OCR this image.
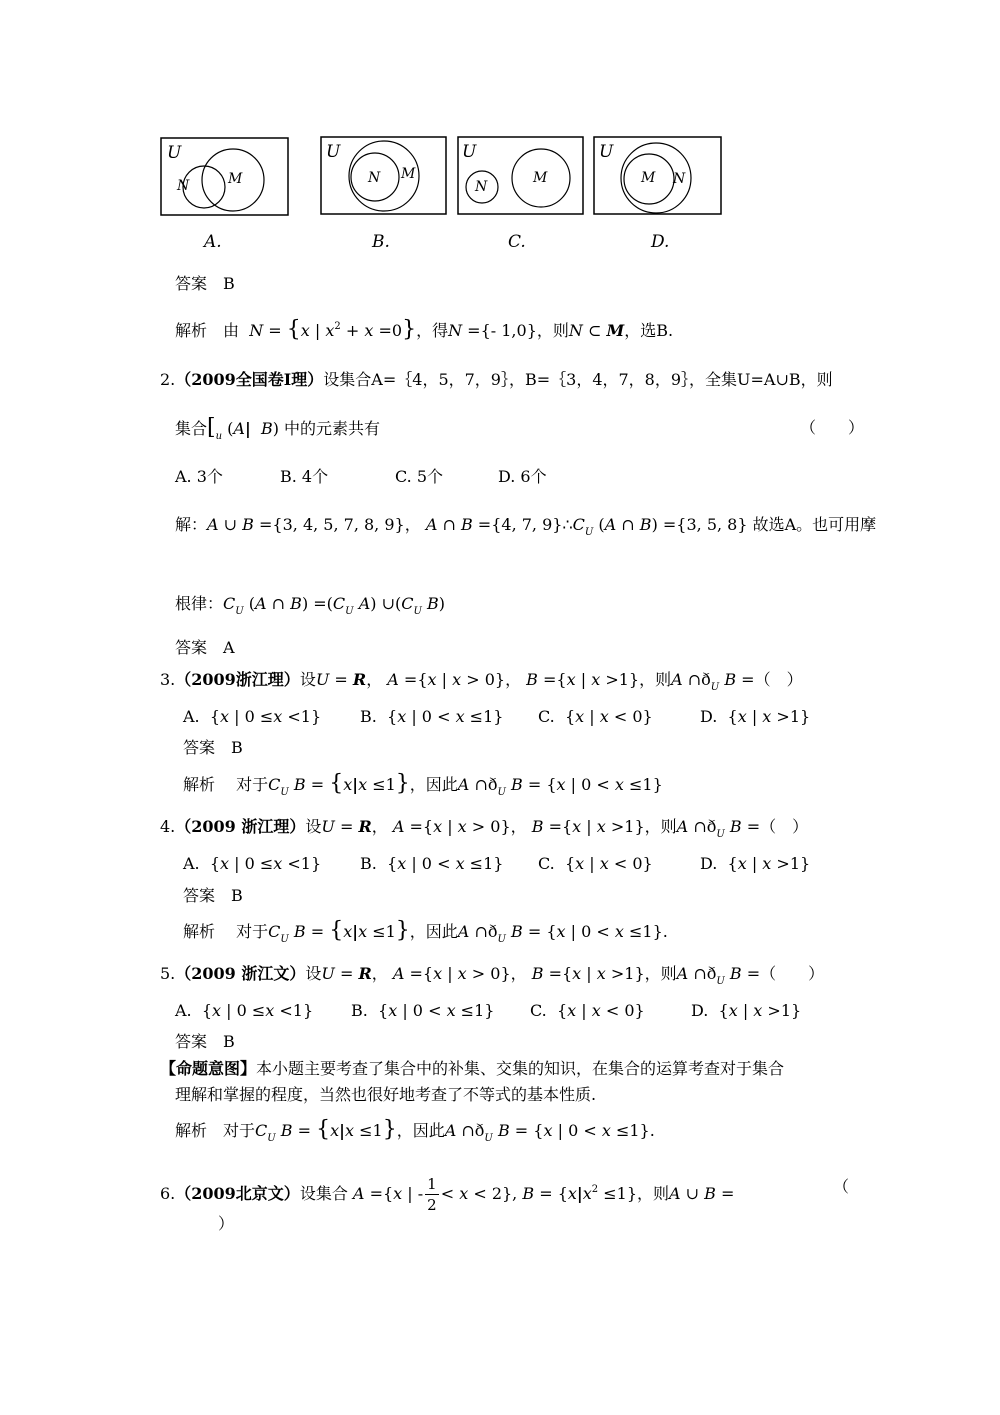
U
N	M
U
N M
U
N
M
U
M N
A.	B.	C.	D.
答案　B
解析　由  N = {x | $x^2 + x =0$}，得N ={- 1,0}，则N ⊂ M，选B.
2.（2009全国卷Ⅰ理）设集合A=｛4，5，7，9｝，B=｛3，4，7，8，9｝，全集U=A∪B，则
集合[$_u$ (A| B) 中的元素共有	（　　）
A. 3个	B. 4个	C. 5个	D. 6个
解：A ∪ B ={3, 4, 5, 7, 8, 9}， A ∩ B ={4, 7, $9\}\therefore C_U$ (A ∩ B) ={3, 5, 8} 故选A。也可用摩
根律：$C_U$ (A ∩ $B) =(C_U$ A) $\cup(C_U$ B)
答案　A
3.（2009浙江理）设U = R， A ={x | x > 0}， B ={x | x >1}，则A $\cap ð_U$ B =（　）
A.  {x | 0 ≤x <1} B.  {x | 0 < x ≤1} C.  {x | x < 0}	D.  {x | x >1}
答案　B
解析　 对于$C_U$ B = {x|x ≤1}，因此A $\cap ð_U$ B = {x | 0 < x ≤1}
4.（2009 浙江理）设U = R， A ={x | x > 0}， B ={x | x >1}，则A $\cap ð_U$ B =（　）
A.  {x | 0 ≤x <1} B.  {x | 0 < x ≤1} C.  {x | x < 0}	D.  {x | x >1}
答案　B
解析　 对于$C_U$ B = {x|x ≤1}，因此A $\cap ð_U$ B = {x | 0 < x ≤1}.
5.（2009 浙江文）设U = R， A ={x | x > 0}， B ={x | x >1}，则A $\cap ð_U$ B =（　　）
A.  {x | 0 ≤x <1} B.  {x | 0 < x ≤1} C.  {x | x < 0}	D.  {x | x >1}
答案　B
【命题意图】本小题主要考查了集合中的补集、交集的知识，在集合的运算考查对于集合
理解和掌握的程度，当然也很好地考查了不等式的基本性质.
解析　对于$C_U$ B = {x|x ≤1}，因此A $\cap ð_U$ B = {x | 0 < x ≤1}.
6.（2009北京文）设集合 A ={x | - $\frac{1}{2} < x < 2$}, $B = \{x|x^2 \le 1\}$，则A ∪ B =	（
）
